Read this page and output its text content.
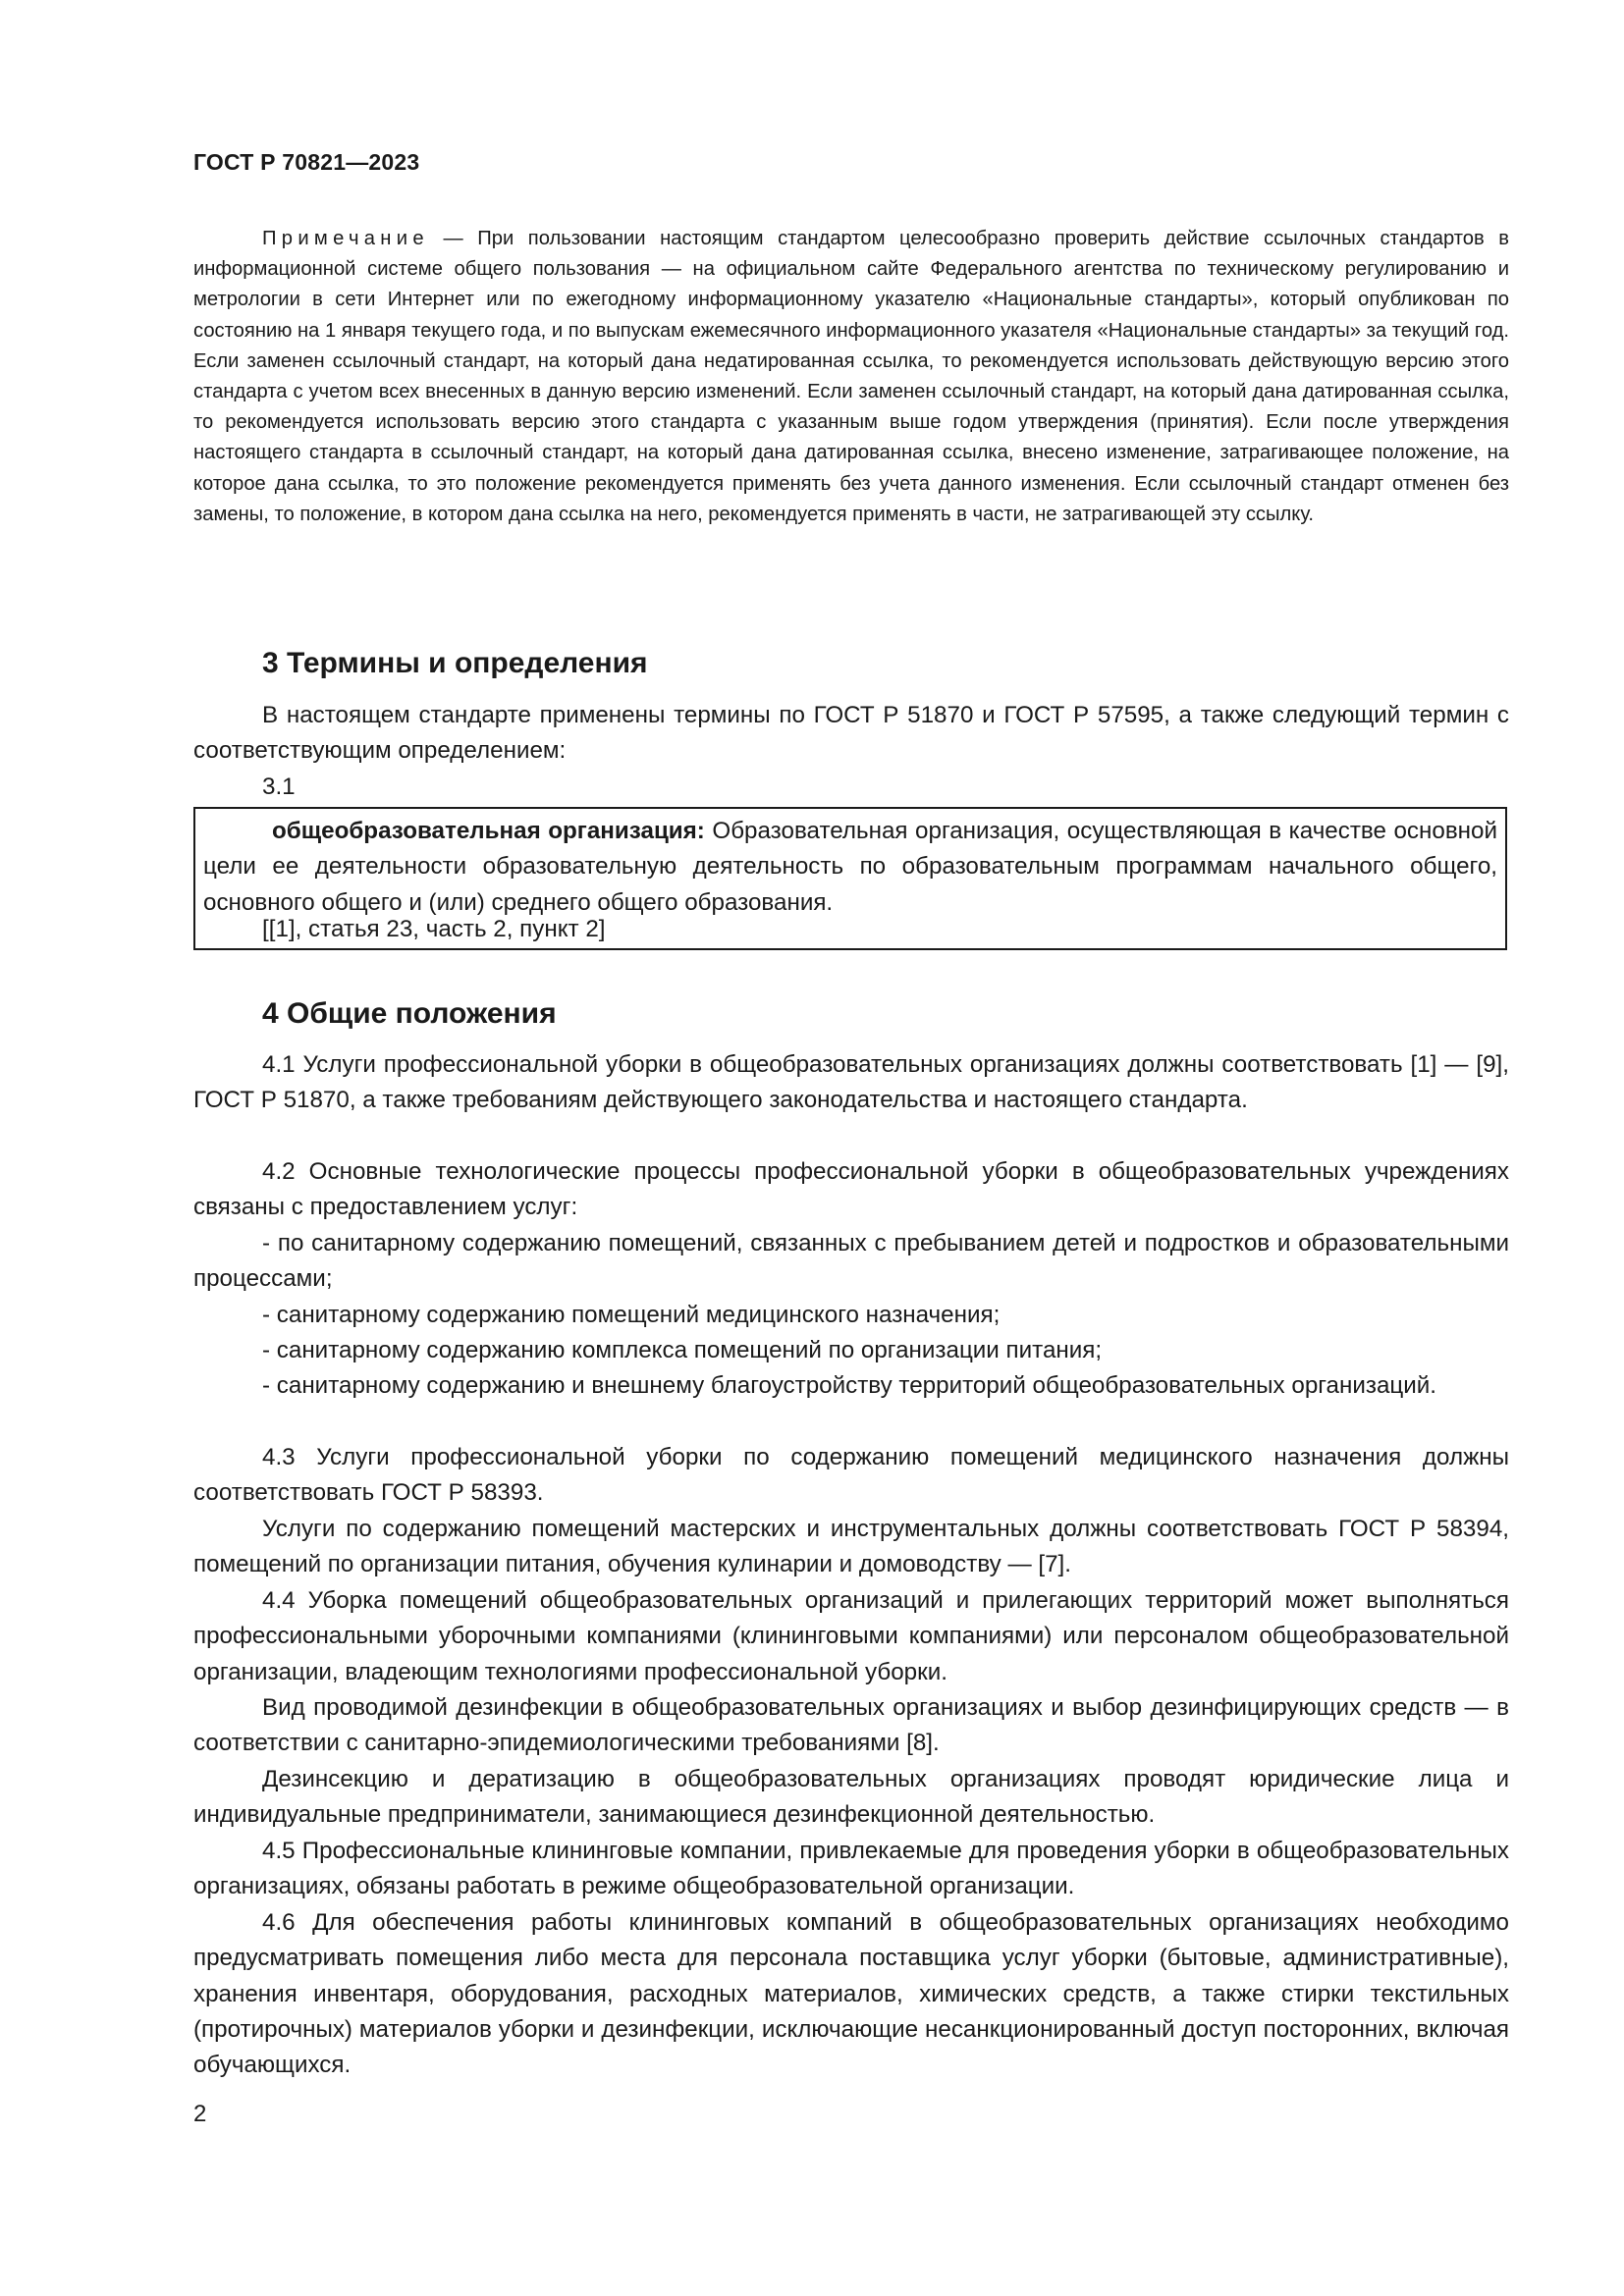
ГОСТ Р 70821—2023
Примечание — При пользовании настоящим стандартом целесообразно проверить действие ссылочных стандартов в информационной системе общего пользования — на официальном сайте Федерального агентства по техническому регулированию и метрологии в сети Интернет или по ежегодному информационному указателю «Национальные стандарты», который опубликован по состоянию на 1 января текущего года, и по выпускам ежемесячного информационного указателя «Национальные стандарты» за текущий год. Если заменен ссылочный стандарт, на который дана недатированная ссылка, то рекомендуется использовать действующую версию этого стандарта с учетом всех внесенных в данную версию изменений. Если заменен ссылочный стандарт, на который дана датированная ссылка, то рекомендуется использовать версию этого стандарта с указанным выше годом утверждения (принятия). Если после утверждения настоящего стандарта в ссылочный стандарт, на который дана датированная ссылка, внесено изменение, затрагивающее положение, на которое дана ссылка, то это положение рекомендуется применять без учета данного изменения. Если ссылочный стандарт отменен без замены, то положение, в котором дана ссылка на него, рекомендуется применять в части, не затрагивающей эту ссылку.
3 Термины и определения
В настоящем стандарте применены термины по ГОСТ Р 51870 и ГОСТ Р 57595, а также следующий термин с соответствующим определением:
3.1
общеобразовательная организация: Образовательная организация, осуществляющая в качестве основной цели ее деятельности образовательную деятельность по образовательным программам начального общего, основного общего и (или) среднего общего образования.
[[1], статья 23, часть 2, пункт 2]
4 Общие положения
4.1 Услуги профессиональной уборки в общеобразовательных организациях должны соответствовать [1] — [9], ГОСТ Р 51870, а также требованиям действующего законодательства и настоящего стандарта.
4.2 Основные технологические процессы профессиональной уборки в общеобразовательных учреждениях связаны с предоставлением услуг:
- по санитарному содержанию помещений, связанных с пребыванием детей и подростков и образовательными процессами;
- санитарному содержанию помещений медицинского назначения;
- санитарному содержанию комплекса помещений по организации питания;
- санитарному содержанию и внешнему благоустройству территорий общеобразовательных организаций.
4.3 Услуги профессиональной уборки по содержанию помещений медицинского назначения должны соответствовать ГОСТ Р 58393.
Услуги по содержанию помещений мастерских и инструментальных должны соответствовать ГОСТ Р 58394, помещений по организации питания, обучения кулинарии и домоводству — [7].
4.4 Уборка помещений общеобразовательных организаций и прилегающих территорий может выполняться профессиональными уборочными компаниями (клининговыми компаниями) или персоналом общеобразовательной организации, владеющим технологиями профессиональной уборки.
Вид проводимой дезинфекции в общеобразовательных организациях и выбор дезинфицирующих средств — в соответствии с санитарно-эпидемиологическими требованиями [8].
Дезинсекцию и дератизацию в общеобразовательных организациях проводят юридические лица и индивидуальные предприниматели, занимающиеся дезинфекционной деятельностью.
4.5 Профессиональные клининговые компании, привлекаемые для проведения уборки в общеобразовательных организациях, обязаны работать в режиме общеобразовательной организации.
4.6 Для обеспечения работы клининговых компаний в общеобразовательных организациях необходимо предусматривать помещения либо места для персонала поставщика услуг уборки (бытовые, административные), хранения инвентаря, оборудования, расходных материалов, химических средств, а также стирки текстильных (протирочных) материалов уборки и дезинфекции, исключающие несанкционированный доступ посторонних, включая обучающихся.
2
